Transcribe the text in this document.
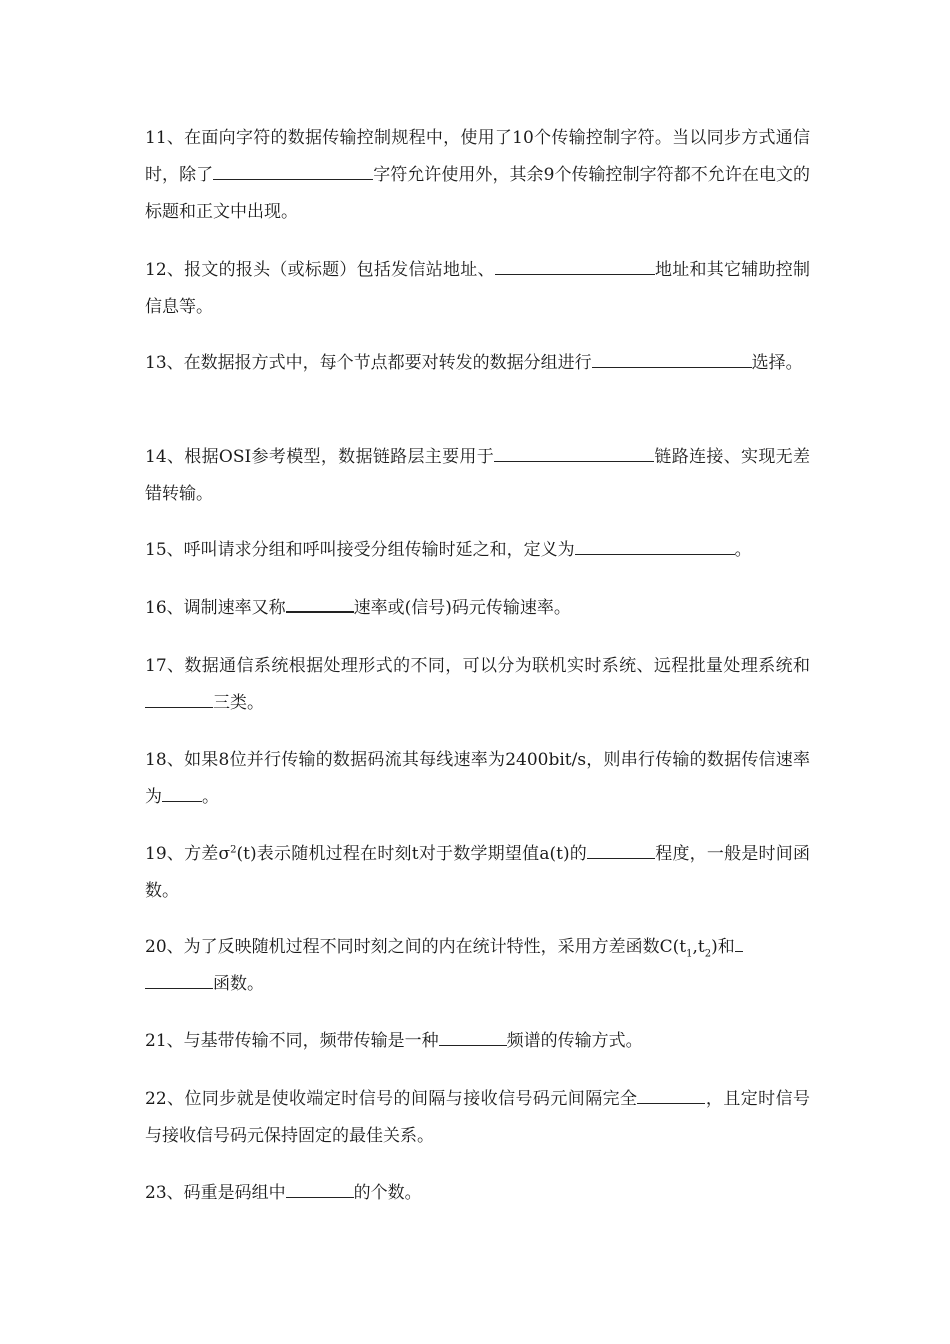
11、在面向字符的数据传输控制规程中，使用了10个传输控制字符。当以同步方式通信时，除了	字符允许使用外，其余9个传输控制字符都不允许在电文的标题和正文中出现。

12、报文的报头（或标题）包括发信站地址、	地址和其它辅助控制信息等。

13、在数据报方式中，每个节点都要对转发的数据分组进行	选择。

14、根据OSI参考模型，数据链路层主要用于	链路连接、实现无差错转输。

15、呼叫请求分组和呼叫接受分组传输时延之和，定义为	。

16、调制速率又称	速率或(信号)码元传输速率。

17、数据通信系统根据处理形式的不同，可以分为联机实时系统、远程批量处理系统和三类。

18、如果8位并行传输的数据码流其每线速率为2400bit/s，则串行传输的数据传信速率为 。

19、方差$\sigma^2(t)$表示随机过程在时刻t对于数学期望值a(t)的	程度，一般是时间函数。

20、为了反映随机过程不同时刻之间的内在统计特性，采用方差函数$C(t_1,t_2)$和
函数。

21、与基带传输不同，频带传输是一种	频谱的传输方式。

22、位同步就是使收端定时信号的间隔与接收信号码元间隔完全	，且定时信号与接收信号码元保持固定的最佳关系。

23、码重是码组中	的个数。
